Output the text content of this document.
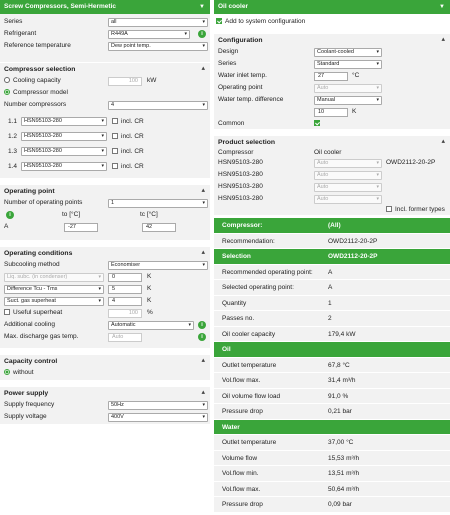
Screw Compressors, Semi-Hermetic	▼
Series	all	▾
Refrigerant	R449A	▾	i
Reference temperature	Dew point temp.	▾
Compressor selection	▴
Cooling capacity	100	kW
Compressor model
Number compressors	4	▾
1.1	HSN95103-280	▾	incl. CR
1.2	HSN95103-280	▾	incl. CR
1.3	HSN95103-280	▾	incl. CR
1.4	HSN95103-280	▾	incl. CR
Operating point	▴
Number of operating points	1	▾
i	to [°C]	tc [°C]
A	-27	42
Operating conditions	▴
Subcooling method	Economiser	▾
Liq. subc. (in condenser)	▾	0	K
Difference Tcu - Tms	▾	5	K
Suct. gas superheat	▾	4	K
Useful superheat	100	%
Additional cooling	Automatic	▾	i
Max. discharge gas temp.	Auto	i
Capacity control	▴
without
Power supply	▴
Supply frequency	50Hz	▾
Supply voltage	400V	▾
Oil cooler	▼
Add to system configuration
Configuration	▴
Design	Coolant-cooled	▾
Series	Standard	▾
Water inlet temp.	27	°C
Operating point	Auto	▾
Water temp. difference	Manual	▾
10	K
Common
Product selection	▴
Compressor	Oil cooler
HSN95103-280	Auto	▾ OWD2112-20-2P
HSN95103-280	Auto	▾
HSN95103-280	Auto	▾
HSN95103-280	Auto	▾
Incl. former types
Compressor:	(All)
Recommendation:	OWD2112-20-2P
Selection	OWD2112-20-2P
Recommended operating point: A
Selected operating point:	A
Quantity	1
Passes no.	2
Oil cooler capacity	179,4 kW
Oil
Outlet temperature	67,8 °C
Vol.flow max.	31,4 m³/h
Oil volume flow load	91,0 %
Pressure drop	0,21 bar
Water
Outlet temperature	37,00 °C
Volume flow	15,53 m³/h
Vol.flow min.	13,51 m³/h
Vol.flow max.	50,64 m³/h
Pressure drop	0,09 bar
